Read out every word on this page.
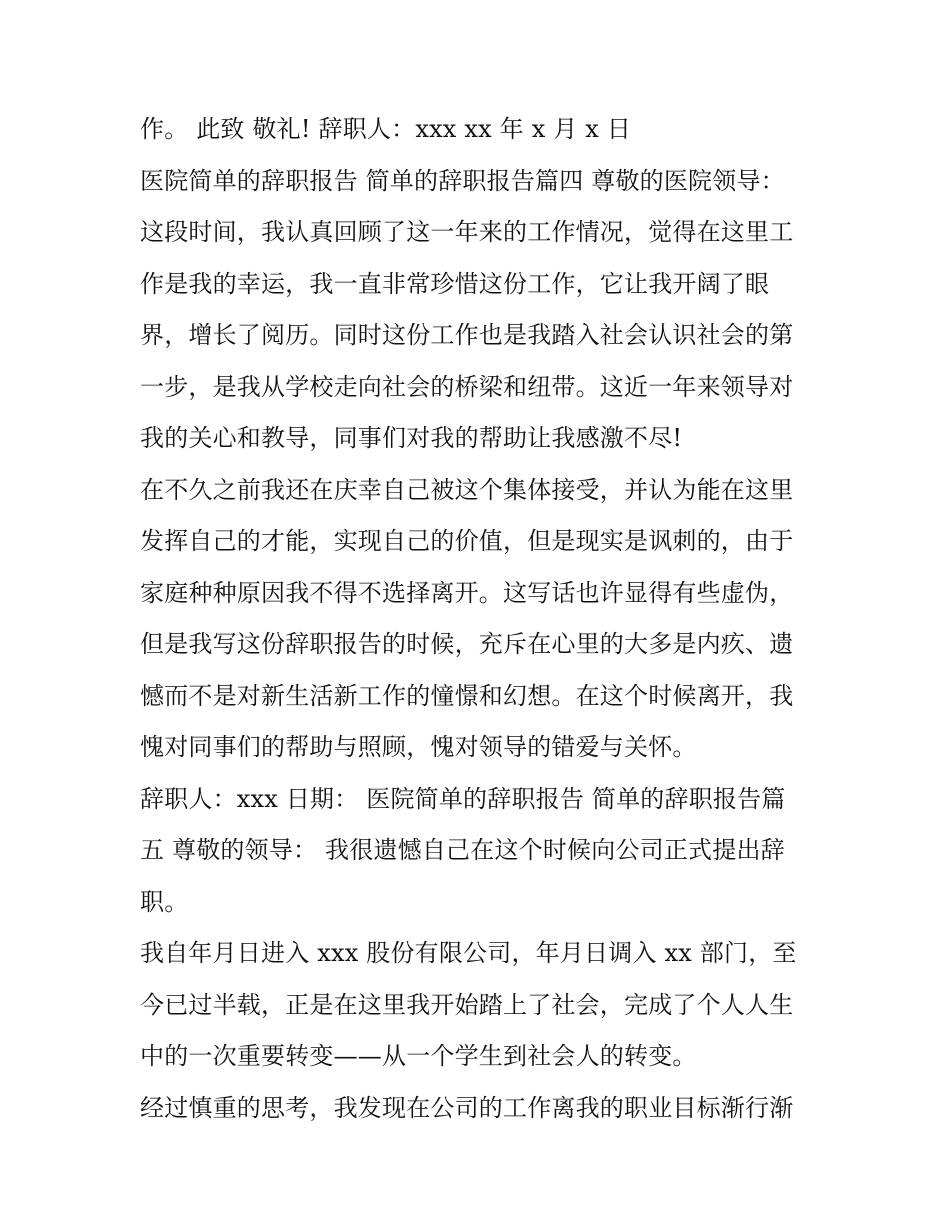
作。 此致 敬礼! 辞职人：xxx xx 年 x 月 x 日
医院简单的辞职报告 简单的辞职报告篇四 尊敬的医院领导：
这段时间，我认真回顾了这一年来的工作情况，觉得在这里工
作是我的幸运，我一直非常珍惜这份工作，它让我开阔了眼
界，增长了阅历。同时这份工作也是我踏入社会认识社会的第
一步，是我从学校走向社会的桥梁和纽带。这近一年来领导对
我的关心和教导，同事们对我的帮助让我感激不尽!
在不久之前我还在庆幸自己被这个集体接受，并认为能在这里
发挥自己的才能，实现自己的价值，但是现实是讽刺的，由于
家庭种种原因我不得不选择离开。这写话也许显得有些虚伪，
但是我写这份辞职报告的时候，充斥在心里的大多是内疚、遗
憾而不是对新生活新工作的憧憬和幻想。在这个时候离开，我
愧对同事们的帮助与照顾，愧对领导的错爱与关怀。
辞职人：xxx 日期： 医院简单的辞职报告 简单的辞职报告篇
五 尊敬的领导： 我很遗憾自己在这个时候向公司正式提出辞
职。
我自年月日进入 xxx 股份有限公司，年月日调入 xx 部门，至
今已过半载，正是在这里我开始踏上了社会，完成了个人人生
中的一次重要转变——从一个学生到社会人的转变。
经过慎重的思考，我发现在公司的工作离我的职业目标渐行渐
